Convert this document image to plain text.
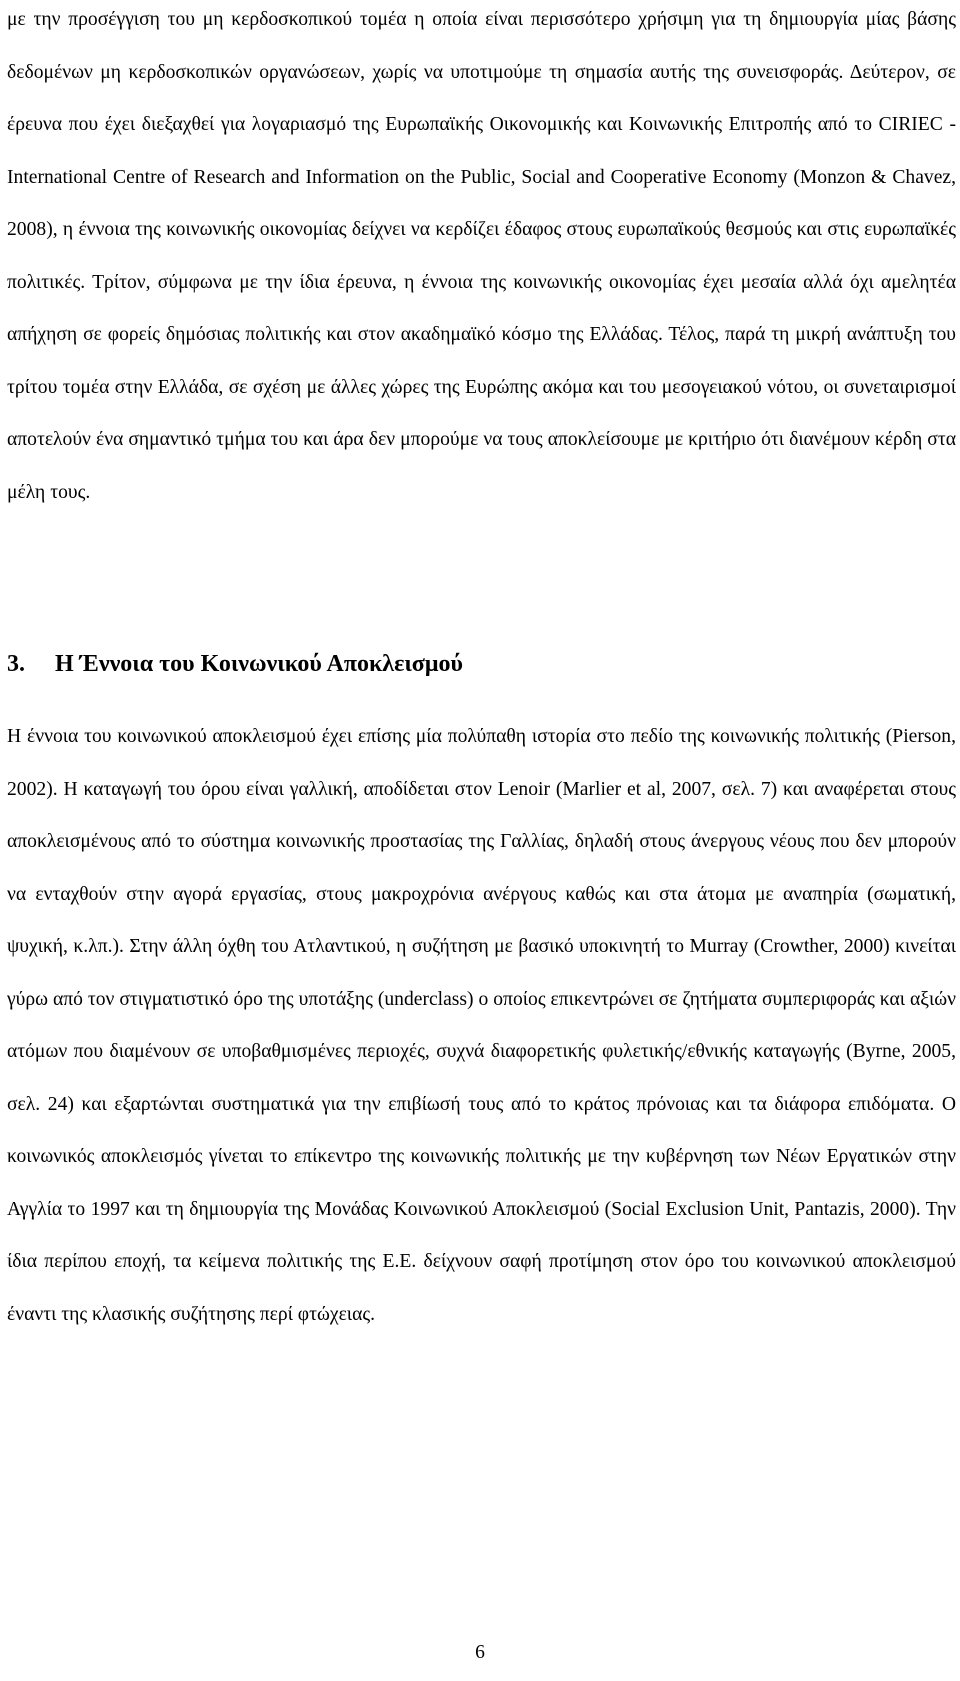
με την προσέγγιση του μη κερδοσκοπικού τομέα η οποία είναι περισσότερο χρήσιμη για τη δημιουργία μίας βάσης δεδομένων μη κερδοσκοπικών οργανώσεων, χωρίς να υποτιμούμε τη σημασία αυτής της συνεισφοράς. Δεύτερον, σε έρευνα που έχει διεξαχθεί για λογαριασμό της Ευρωπαϊκής Οικονομικής και Κοινωνικής Επιτροπής από το CIRIEC - International Centre of Research and Information on the Public, Social and Cooperative Economy (Monzon & Chavez, 2008), η έννοια της κοινωνικής οικονομίας δείχνει να κερδίζει έδαφος στους ευρωπαϊκούς θεσμούς και στις ευρωπαϊκές πολιτικές. Τρίτον, σύμφωνα με την ίδια έρευνα, η έννοια της κοινωνικής οικονομίας έχει μεσαία αλλά όχι αμελητέα απήχηση σε φορείς δημόσιας πολιτικής και στον ακαδημαϊκό κόσμο της Ελλάδας. Τέλος, παρά τη μικρή ανάπτυξη του τρίτου τομέα στην Ελλάδα, σε σχέση με άλλες χώρες της Ευρώπης ακόμα και του μεσογειακού νότου, οι συνεταιρισμοί αποτελούν ένα σημαντικό τμήμα του και άρα δεν μπορούμε να τους αποκλείσουμε με κριτήριο ότι διανέμουν κέρδη στα μέλη τους.

3. Η Έννοια του Κοινωνικού Αποκλεισμού

Η έννοια του κοινωνικού αποκλεισμού έχει επίσης μία πολύπαθη ιστορία στο πεδίο της κοινωνικής πολιτικής (Pierson, 2002). Η καταγωγή του όρου είναι γαλλική, αποδίδεται στον Lenoir (Marlier et al, 2007, σελ. 7) και αναφέρεται στους αποκλεισμένους από το σύστημα κοινωνικής προστασίας της Γαλλίας, δηλαδή στους άνεργους νέους που δεν μπορούν να ενταχθούν στην αγορά εργασίας, στους μακροχρόνια ανέργους καθώς και στα άτομα με αναπηρία (σωματική, ψυχική, κ.λπ.). Στην άλλη όχθη του Ατλαντικού, η συζήτηση με βασικό υποκινητή το Murray (Crowther, 2000) κινείται γύρω από τον στιγματιστικό όρο της υποτάξης (underclass) ο οποίος επικεντρώνει σε ζητήματα συμπεριφοράς και αξιών ατόμων που διαμένουν σε υποβαθμισμένες περιοχές, συχνά διαφορετικής φυλετικής/εθνικής καταγωγής (Byrne, 2005, σελ. 24) και εξαρτώνται συστηματικά για την επιβίωσή τους από το κράτος πρόνοιας και τα διάφορα επιδόματα. Ο κοινωνικός αποκλεισμός γίνεται το επίκεντρο της κοινωνικής πολιτικής με την κυβέρνηση των Νέων Εργατικών στην Αγγλία το 1997 και τη δημιουργία της Μονάδας Κοινωνικού Αποκλεισμού (Social Exclusion Unit, Pantazis, 2000). Την ίδια περίπου εποχή, τα κείμενα πολιτικής της Ε.Ε. δείχνουν σαφή προτίμηση στον όρο του κοινωνικού αποκλεισμού έναντι της κλασικής συζήτησης περί φτώχειας.

6
